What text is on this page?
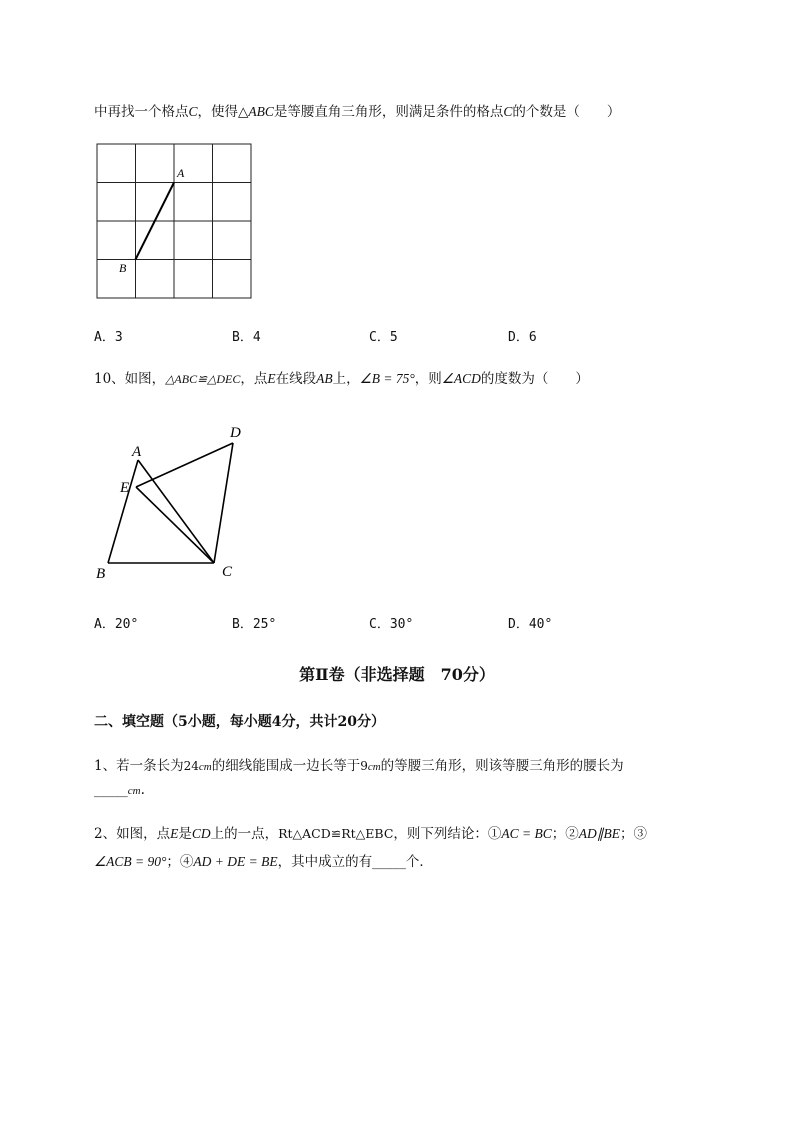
中再找一个格点C，使得△ABC是等腰直角三角形，则满足条件的格点C的个数是（　　）
A
B
A．3	B．4	C．5	D．6
10、如图，△ABC≌△DEC，点E在线段AB上，∠B = 75°，则∠ACD的度数为（　　）
A
D
E
B	C
A．20°	B．25°	C．30°	D．40°
第Ⅱ卷（非选择题　70分）
二、填空题（5小题，每小题4分，共计20分）
1、若一条长为24cm的细线能围成一边长等于9cm的等腰三角形，则该等腰三角形的腰长为
_____cm.
2、如图，点E是CD上的一点，Rt△ACD≌Rt△EBC，则下列结论：①AC = BC；②AD∥BE；③
∠ACB = 90°；④AD + DE = BE，其中成立的有_____个．
